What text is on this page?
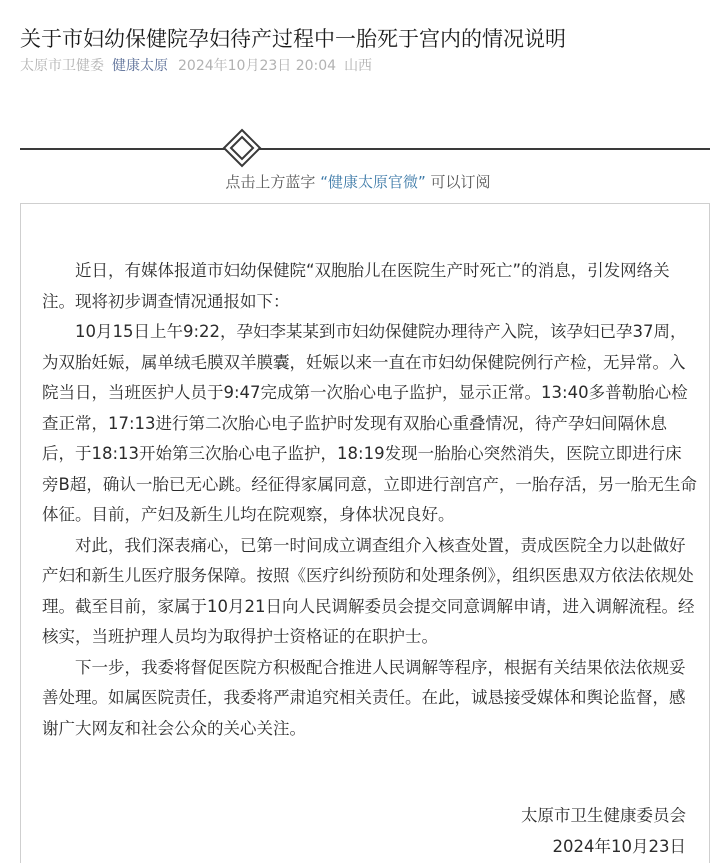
关于市妇幼保健院孕妇待产过程中一胎死于宫内的情况说明
太原市卫健委 健康太原 2024年10月23日 20:04 山西
点击上方蓝字 “健康太原官微” 可以订阅

近日，有媒体报道市妇幼保健院“双胞胎儿在医院生产时死亡”的消息，引发网络关注。现将初步调查情况通报如下：

10月15日上午9:22，孕妇李某某到市妇幼保健院办理待产入院，该孕妇已孕37周，为双胎妊娠，属单绒毛膜双羊膜囊，妊娠以来一直在市妇幼保健院例行产检，无异常。入院当日，当班医护人员于9:47完成第一次胎心电子监护，显示正常。13:40多普勒胎心检查正常，17:13进行第二次胎心电子监护时发现有双胎心重叠情况，待产孕妇间隔休息后，于18:13开始第三次胎心电子监护，18:19发现一胎胎心突然消失，医院立即进行床旁B超，确认一胎已无心跳。经征得家属同意，立即进行剖宫产，一胎存活，另一胎无生命体征。目前，产妇及新生儿均在院观察，身体状况良好。

对此，我们深表痛心，已第一时间成立调查组介入核查处置，责成医院全力以赴做好产妇和新生儿医疗服务保障。按照《医疗纠纷预防和处理条例》，组织医患双方依法依规处理。截至目前，家属于10月21日向人民调解委员会提交同意调解申请，进入调解流程。经核实，当班护理人员均为取得护士资格证的在职护士。

下一步，我委将督促医院方积极配合推进人民调解等程序，根据有关结果依法依规妥善处理。如属医院责任，我委将严肃追究相关责任。在此，诚恳接受媒体和舆论监督，感谢广大网友和社会公众的关心关注。

太原市卫生健康委员会
2024年10月23日
